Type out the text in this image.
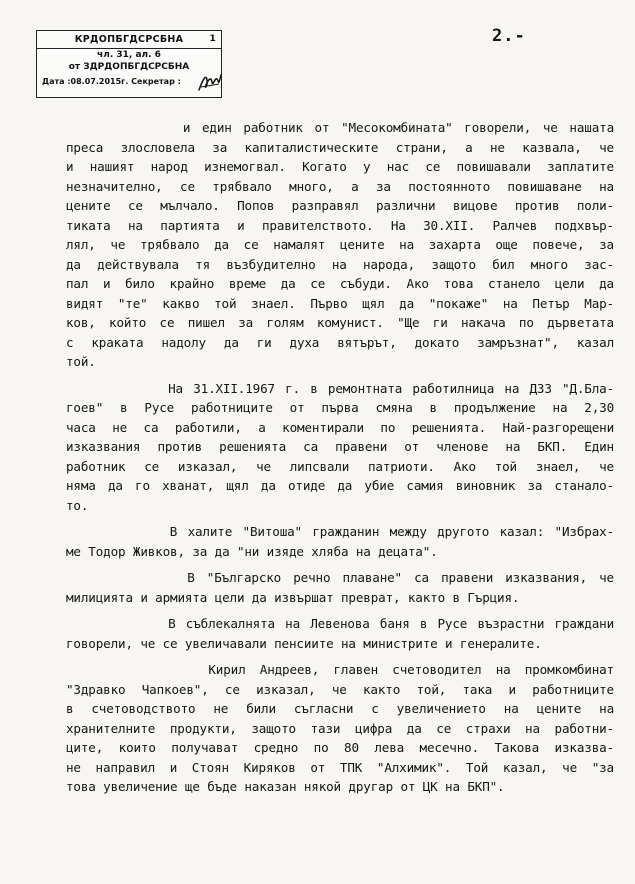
КРДОПБГДСРСБНА	1
чл. 31, ал. 6
от ЗДРДОПБГДСРСБНА
Дата :08.07.2015г. Секретар :
2.-

и един работник от "Месокомбината" говорели, че нашата
преса злословела за капиталистическите страни, а не казвала, че
и нашият народ изнемогвал. Когато у нас се повишавали заплатите
незначително, се трябвало много, а за постоянното повишаване на
цените се мълчало. Попов разправял различни вицове против поли-
тиката на партията и правителството. На 30.XII. Ралчев подхвър-
лял, че трябвало да се намалят цените на захарта още повече, за
да действувала тя възбудително на народа, защото бил много зас-
пал и било крайно време да се събуди. Ако това станело цели да
видят "те" какво той знаел. Първо щял да "покаже" на Петър Мар-
ков, който се пишел за голям комунист. "Ще ги накача по дърветата
с краката надолу да ги духа вятърът, докато замръзнат", казал
той.

На 31.XII.1967 г. в ремонтната работилница на ДЗЗ "Д.Бла-
гоев" в Русе работниците от първа смяна в продължение на 2,30
часа не са работили, а коментирали по решенията. Най-разгорещени
изказвания против решенията са правени от членове на БКП. Един
работник се изказал, че липсвали патриоти. Ако той знаел, че
няма да го хванат, щял да отиде да убие самия виновник за станало-
то.

В халите "Витоша" гражданин между другото казал: "Избрах-
ме Тодор Живков, за да "ни изяде хляба на децата".

В "Българско речно плаване" са правени изказвания, че
милицията и армията цели да извършат преврат, както в Гърция.

В съблекалнята на Левенова баня в Русе възрастни граждани
говорели, че се увеличавали пенсиите на министрите и генералите.

Кирил Андреев, главен счетоводител на промкомбинат
"Здравко Чапкоев", се изказал, че както той, така и работниците
в счетоводството не били съгласни с увеличението на цените на
хранителните продукти, защото тази цифра да се страхи на работни-
ците, които получават средно по 80 лева месечно. Такова изказва-
не направил и Стоян Киряков от ТПК "Алхимик". Той казал, че "за
това увеличение ще бъде наказан някой другар от ЦК на БКП".
